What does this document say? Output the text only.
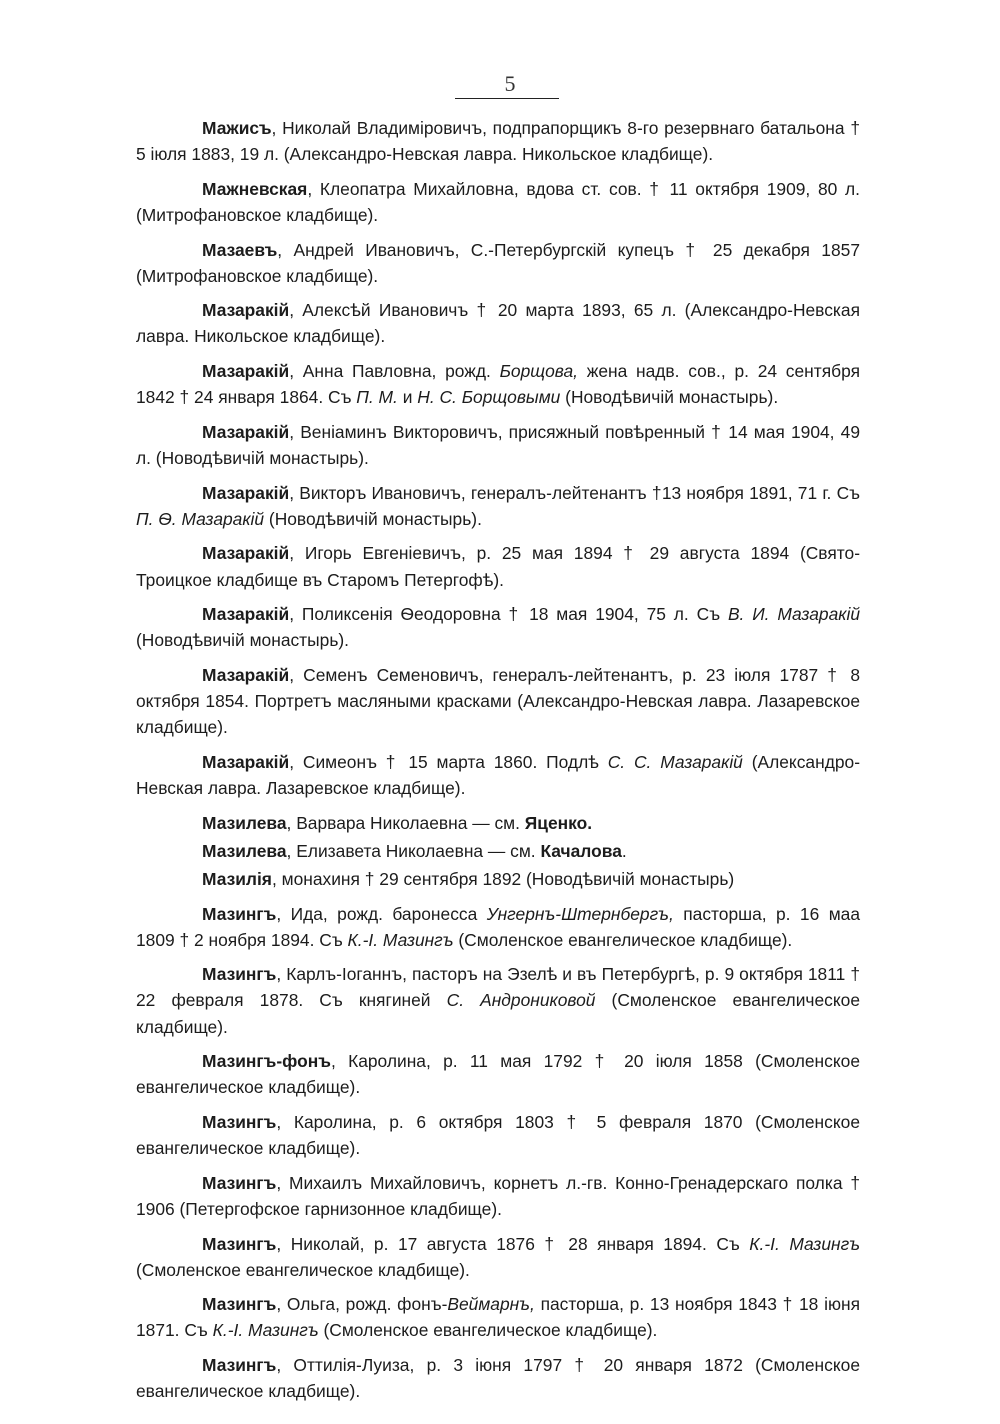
5

Мажисъ, Николай Владимiровичъ, подпрапорщикъ 8-го резервнаго батальона † 5 iюля 1883, 19 л. (Александро-Невская лавра. Никольское кладбище).

Мажневская, Клеопатра Михайловна, вдова ст. сов. † 11 октября 1909, 80 л. (Митрофановское кладбище).

Мазаевъ, Андрей Ивановичъ, С.-Петербургскiй купецъ † 25 декабря 1857 (Митрофановское кладбище).

Мазаракiй, Алексѣй Ивановичъ † 20 марта 1893, 65 л. (Александро-Невская лавра. Никольское кладбище).

Мазаракiй, Анна Павловна, рожд. Борщова, жена надв. сов., р. 24 сентября 1842 † 24 января 1864. Съ П. М. и Н. С. Борщовыми (Новодѣвичiй монастырь).

Мазаракiй, Венiаминъ Викторовичъ, присяжный повѣренный † 14 мая 1904, 49 л. (Новодѣвичiй монастырь).

Мазаракiй, Викторъ Ивановичъ, генералъ-лейтенантъ †13 ноября 1891, 71 г. Съ П. Ѳ. Мазаракiй (Новодѣвичiй монастырь).

Мазаракiй, Игорь Евгенiевичъ, р. 25 мая 1894 † 29 августа 1894 (Свято-Троицкое кладбище въ Старомъ Петергофѣ).

Мазаракiй, Поликсенiя Ѳеодоровна † 18 мая 1904, 75 л. Съ В. И. Мазаракiй (Новодѣвичiй монастырь).

Мазаракiй, Семенъ Семеновичъ, генералъ-лейтенантъ, р. 23 iюля 1787 † 8 октября 1854. Портретъ масляными красками (Александро-Невская лавра. Лазаревское кладбище).

Мазаракiй, Симеонъ † 15 марта 1860. Подлѣ С. С. Мазаракiй (Александро-Невская лавра. Лазаревское кладбище).

Мазилева, Варвара Николаевна — см. Яценко.

Мазилева, Елизавета Николаевна — см. Качалова.

Мазилiя, монахиня † 29 сентября 1892 (Новодѣвичiй монастырь)

Мазингъ, Ида, рожд. баронесса Унгернъ-Штернбергъ, пасторша, р. 16 маа 1809 † 2 ноября 1894. Съ К.-I. Мазингъ (Смоленское евангелическое кладбище).

Мазингъ, Карлъ-Iоганнъ, пасторъ на Эзелѣ и въ Петербургѣ, р. 9 октября 1811 † 22 февраля 1878. Съ княгиней С. Андрониковой (Смоленское евангелическое кладбище).

Мазингъ-фонъ, Каролина, р. 11 мая 1792 † 20 iюля 1858 (Смоленское евангелическое кладбище).

Мазингъ, Каролина, р. 6 октября 1803 † 5 февраля 1870 (Смоленское евангелическое кладбище).

Мазингъ, Михаилъ Михайловичъ, корнетъ л.-гв. Конно-Гренадерскаго полка † 1906 (Петергофское гарнизонное кладбище).

Мазингъ, Николай, р. 17 августа 1876 † 28 января 1894. Съ К.-I. Мазингъ (Смоленское евангелическое кладбище).

Мазингъ, Ольга, рожд. фонъ-Веймарнъ, пасторша, р. 13 ноября 1843 † 18 iюня 1871. Съ К.-I. Мазингъ (Смоленское евангелическое кладбище).

Мазингъ, Оттилiя-Луиза, р. 3 iюня 1797 † 20 января 1872 (Смоленское евангелическое кладбище).
